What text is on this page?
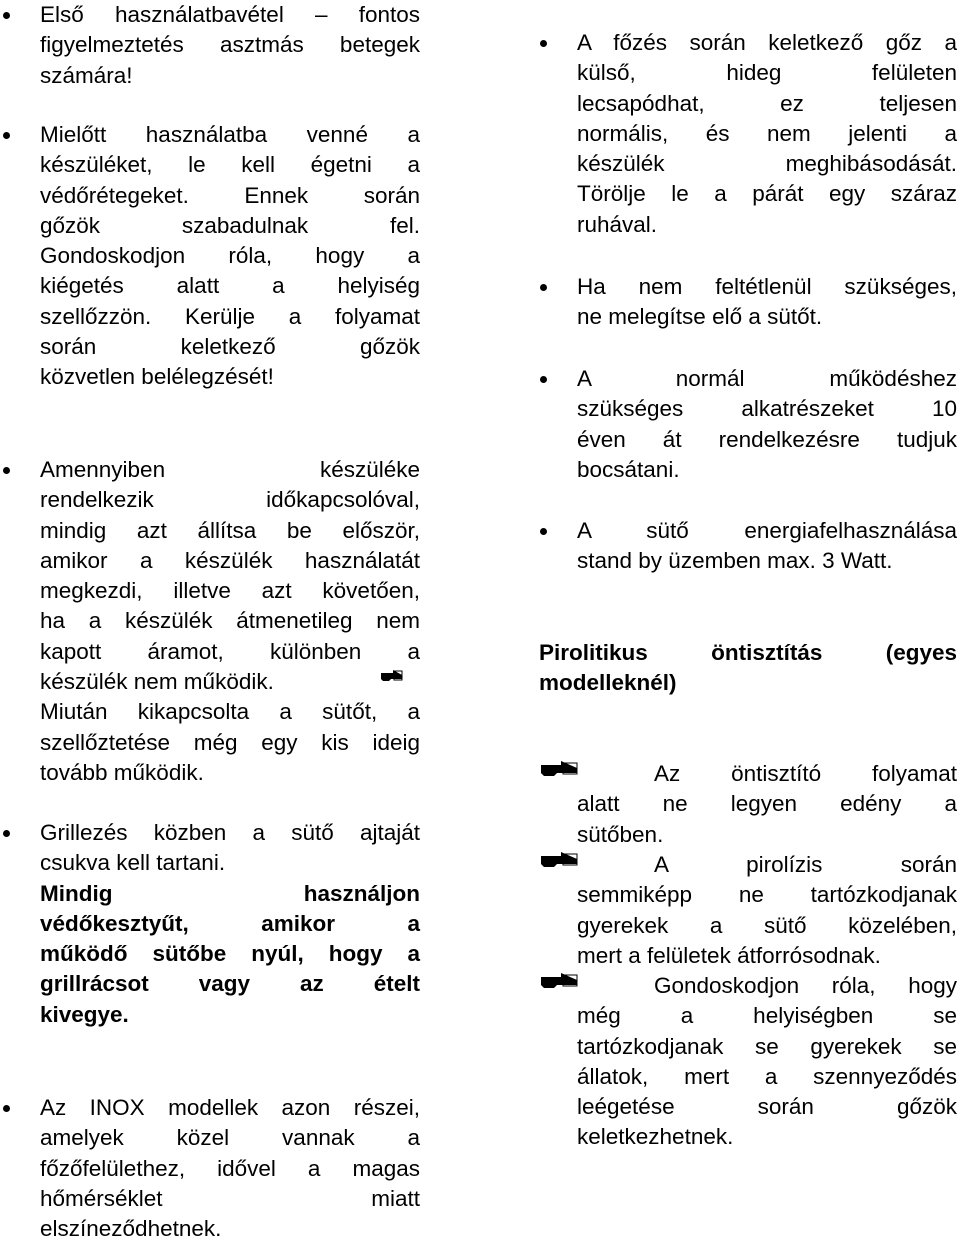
Első használatbavétel – fontos
figyelmeztetés asztmás betegek
számára!
Mielőtt használatba venné a
készüléket, le kell égetni a
védőrétegeket. Ennek során
gőzök szabadulnak fel.
Gondoskodjon róla, hogy a
kiégetés alatt a helyiség
szellőzzön. Kerülje a folyamat
során keletkező gőzök
közvetlen belélegzését!
Amennyiben készüléke
rendelkezik időkapcsolóval,
mindig azt állítsa be először,
amikor a készülék használatát
megkezdi, illetve azt követően,
ha a készülék átmenetileg nem
kapott áramot, különben a
készülék nem működik.
Miután kikapcsolta a sütőt, a
szellőztetése még egy kis ideig
tovább működik.
Grillezés közben a sütő ajtaját
csukva kell tartani.
Mindig használjon
védőkesztyűt, amikor a
működő sütőbe nyúl, hogy a
grillrácsot vagy az ételt
kivegye.
Az INOX modellek azon részei,
amelyek közel vannak a
főzőfelülethez, idővel a magas
hőmérséklet miatt
elszíneződhetnek.
A főzés során keletkező gőz a
külső, hideg felületen
lecsapódhat, ez teljesen
normális, és nem jelenti a
készülék meghibásodását.
Törölje le a párát egy száraz
ruhával.
Ha nem feltétlenül szükséges,
ne melegítse elő a sütőt.
A normál működéshez
szükséges alkatrészeket 10
éven át rendelkezésre tudjuk
bocsátani.
A sütő energiafelhasználása
stand by üzemben max. 3 Watt.
Pirolitikus öntisztítás (egyes
modelleknél)
Az öntisztító folyamat
alatt ne legyen edény a
sütőben.
A pirolízis során
semmiképp ne tartózkodjanak
gyerekek a sütő közelében,
mert a felületek átforrósodnak.
Gondoskodjon róla, hogy
még a helyiségben se
tartózkodjanak se gyerekek se
állatok, mert a szennyeződés
leégetése során gőzök
keletkezhetnek.
